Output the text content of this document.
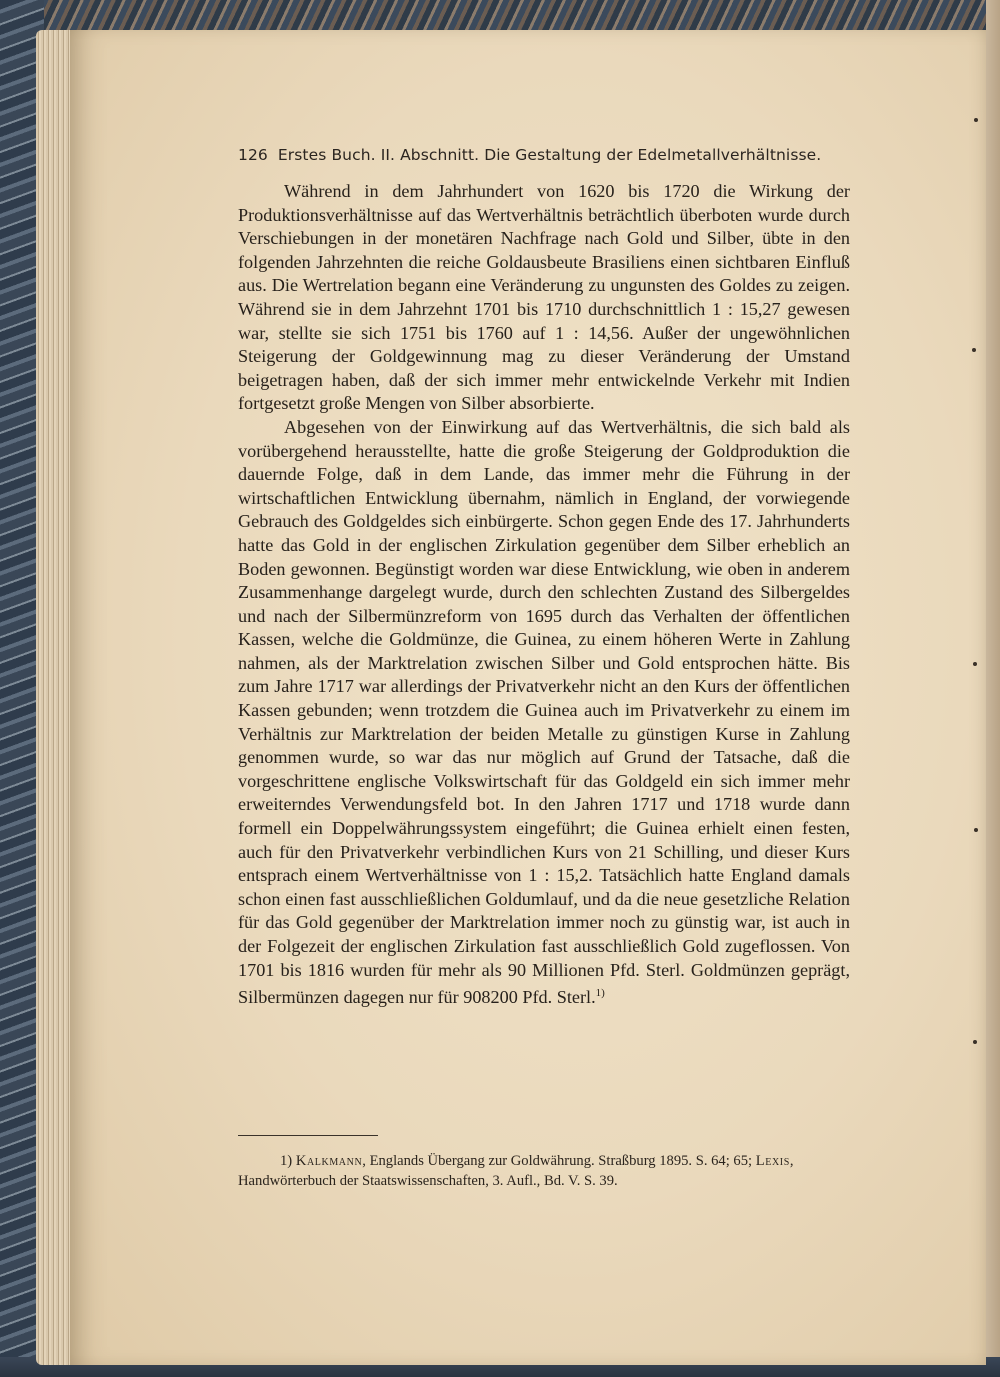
126 Erstes Buch. II. Abschnitt. Die Gestaltung der Edelmetallverhältnisse.

Während in dem Jahrhundert von 1620 bis 1720 die Wirkung der Produktionsverhältnisse auf das Wertverhältnis beträchtlich überboten wurde durch Verschiebungen in der monetären Nachfrage nach Gold und Silber, übte in den folgenden Jahrzehnten die reiche Goldausbeute Brasiliens einen sichtbaren Einfluß aus. Die Wertrelation begann eine Veränderung zu ungunsten des Goldes zu zeigen. Während sie in dem Jahrzehnt 1701 bis 1710 durchschnittlich 1 : 15,27 gewesen war, stellte sie sich 1751 bis 1760 auf 1 : 14,56. Außer der ungewöhnlichen Steigerung der Goldgewinnung mag zu dieser Veränderung der Umstand beigetragen haben, daß der sich immer mehr entwickelnde Verkehr mit Indien fortgesetzt große Mengen von Silber absorbierte.

Abgesehen von der Einwirkung auf das Wertverhältnis, die sich bald als vorübergehend herausstellte, hatte die große Steigerung der Goldproduktion die dauernde Folge, daß in dem Lande, das immer mehr die Führung in der wirtschaftlichen Entwicklung übernahm, nämlich in England, der vorwiegende Gebrauch des Goldgeldes sich einbürgerte. Schon gegen Ende des 17. Jahrhunderts hatte das Gold in der englischen Zirkulation gegenüber dem Silber erheblich an Boden gewonnen. Begünstigt worden war diese Entwicklung, wie oben in anderem Zusammenhange dargelegt wurde, durch den schlechten Zustand des Silbergeldes und nach der Silbermünzreform von 1695 durch das Verhalten der öffentlichen Kassen, welche die Goldmünze, die Guinea, zu einem höheren Werte in Zahlung nahmen, als der Marktrelation zwischen Silber und Gold entsprochen hätte. Bis zum Jahre 1717 war allerdings der Privatverkehr nicht an den Kurs der öffentlichen Kassen gebunden; wenn trotzdem die Guinea auch im Privatverkehr zu einem im Verhältnis zur Marktrelation der beiden Metalle zu günstigen Kurse in Zahlung genommen wurde, so war das nur möglich auf Grund der Tatsache, daß die vorgeschrittene englische Volkswirtschaft für das Goldgeld ein sich immer mehr erweiterndes Verwendungsfeld bot. In den Jahren 1717 und 1718 wurde dann formell ein Doppelwährungssystem eingeführt; die Guinea erhielt einen festen, auch für den Privatverkehr verbindlichen Kurs von 21 Schilling, und dieser Kurs entsprach einem Wertverhältnisse von 1 : 15,2. Tatsächlich hatte England damals schon einen fast ausschließlichen Goldumlauf, und da die neue gesetzliche Relation für das Gold gegenüber der Marktrelation immer noch zu günstig war, ist auch in der Folgezeit der englischen Zirkulation fast ausschließlich Gold zugeflossen. Von 1701 bis 1816 wurden für mehr als 90 Millionen Pfd. Sterl. Goldmünzen geprägt, Silbermünzen dagegen nur für 908200 Pfd. Sterl.$^{1)}$

1) Kalkmann, Englands Übergang zur Goldwährung. Straßburg 1895. S. 64; 65; Lexis, Handwörterbuch der Staatswissenschaften, 3. Aufl., Bd. V. S. 39.
